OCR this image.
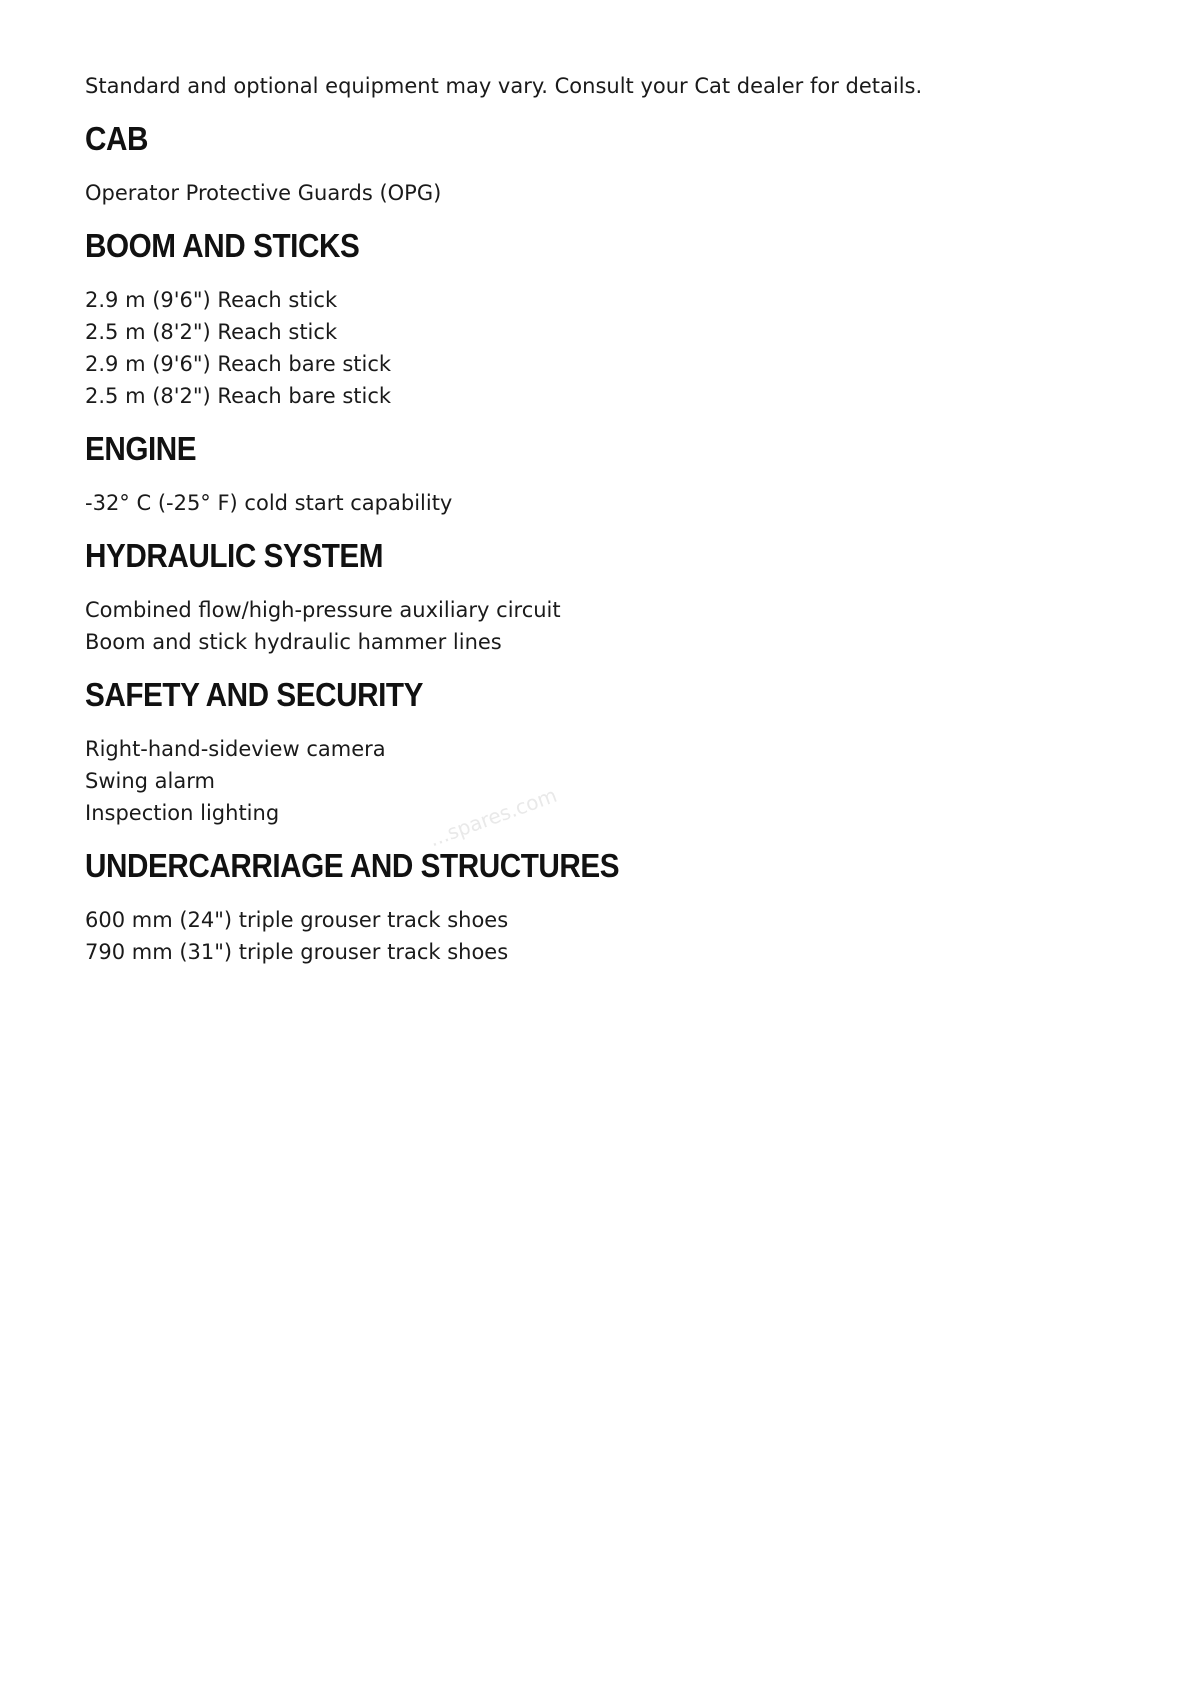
Standard and optional equipment may vary. Consult your Cat dealer for details.

CAB
Operator Protective Guards (OPG)
BOOM AND STICKS
2.9 m (9'6") Reach stick
2.5 m (8'2") Reach stick
2.9 m (9'6") Reach bare stick
2.5 m (8'2") Reach bare stick
ENGINE
-32° C (-25° F) cold start capability
HYDRAULIC SYSTEM
Combined flow/high-pressure auxiliary circuit
Boom and stick hydraulic hammer lines
SAFETY AND SECURITY
Right-hand-sideview camera
Swing alarm
Inspection lighting
UNDERCARRIAGE AND STRUCTURES
600 mm (24") triple grouser track shoes
790 mm (31") triple grouser track shoes
...spares.com
